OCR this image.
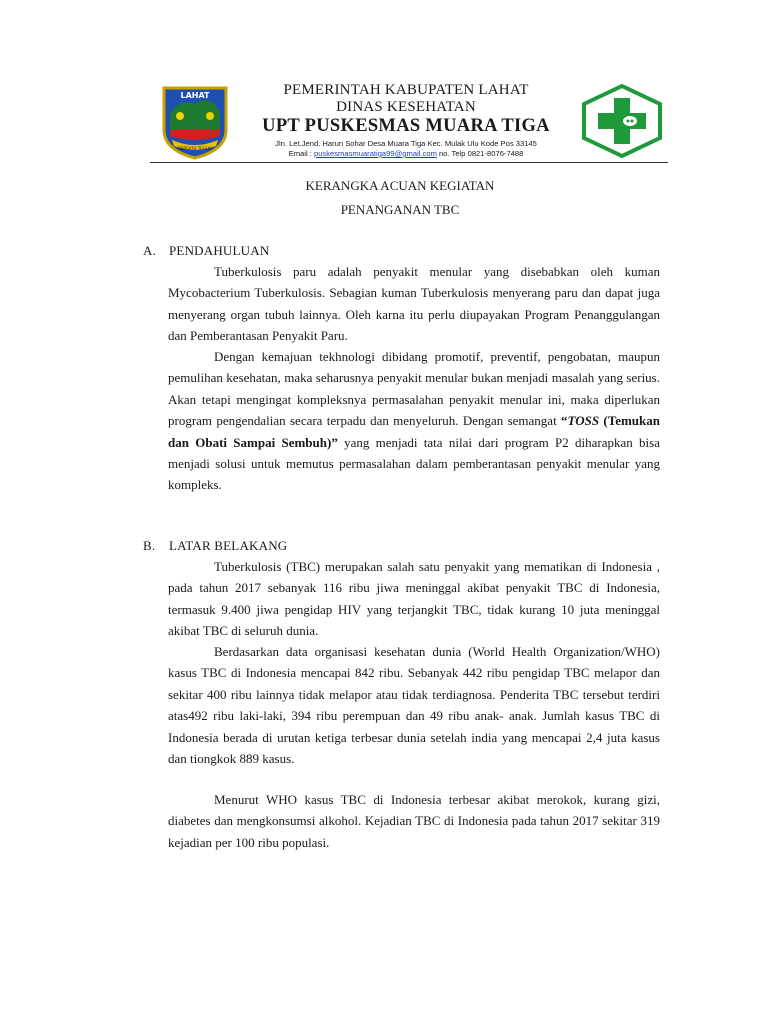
LAHAT
BERSATU TEGUH
PEMERINTAH KABUPATEN LAHAT
DINAS KESEHATAN
UPT PUSKESMAS MUARA TIGA
Jln. Let.Jend. Harun Sohar Desa Muara Tiga Kec. Mulak Ulu Kode Pos 33145
Email : puskesmasmuaratiga99@gmail.com no. Telp 0821-8076-7488
KERANGKA ACUAN KEGIATAN
PENANGANAN TBC
A. PENDAHULUAN

Tuberkulosis paru adalah penyakit menular yang disebabkan oleh kuman Mycobacterium Tuberkulosis. Sebagian kuman Tuberkulosis menyerang paru dan dapat juga menyerang organ tubuh lainnya. Oleh karna itu perlu diupayakan Program Penanggulangan dan Pemberantasan Penyakit Paru.

Dengan kemajuan tekhnologi dibidang promotif, preventif, pengobatan, maupun pemulihan kesehatan, maka seharusnya penyakit menular bukan menjadi masalah yang serius. Akan tetapi mengingat kompleksnya permasalahan penyakit menular ini, maka diperlukan program pengendalian secara terpadu dan menyeluruh. Dengan semangat “TOSS (Temukan dan Obati Sampai Sembuh)” yang menjadi tata nilai dari program P2 diharapkan bisa menjadi solusi untuk memutus permasalahan dalam pemberantasan penyakit menular yang kompleks.

B. LATAR BELAKANG

Tuberkulosis (TBC) merupakan salah satu penyakit yang mematikan di Indonesia , pada tahun 2017 sebanyak 116 ribu jiwa meninggal akibat penyakit TBC di Indonesia, termasuk 9.400 jiwa pengidap HIV yang terjangkit TBC, tidak kurang 10 juta meninggal akibat TBC di seluruh dunia.

Berdasarkan data organisasi kesehatan dunia (World Health Organization/WHO) kasus TBC di Indonesia mencapai 842 ribu. Sebanyak 442 ribu pengidap TBC melapor dan sekitar 400 ribu lainnya tidak melapor atau tidak terdiagnosa. Penderita TBC tersebut terdiri atas492 ribu laki-laki, 394 ribu perempuan dan 49 ribu anak- anak. Jumlah kasus TBC di Indonesia berada di urutan ketiga terbesar dunia setelah india yang mencapai 2,4 juta kasus dan tiongkok 889 kasus.

Menurut WHO kasus TBC di Indonesia terbesar akibat merokok, kurang gizi, diabetes dan mengkonsumsi alkohol. Kejadian TBC di Indonesia pada tahun 2017 sekitar 319 kejadian per 100 ribu populasi.
